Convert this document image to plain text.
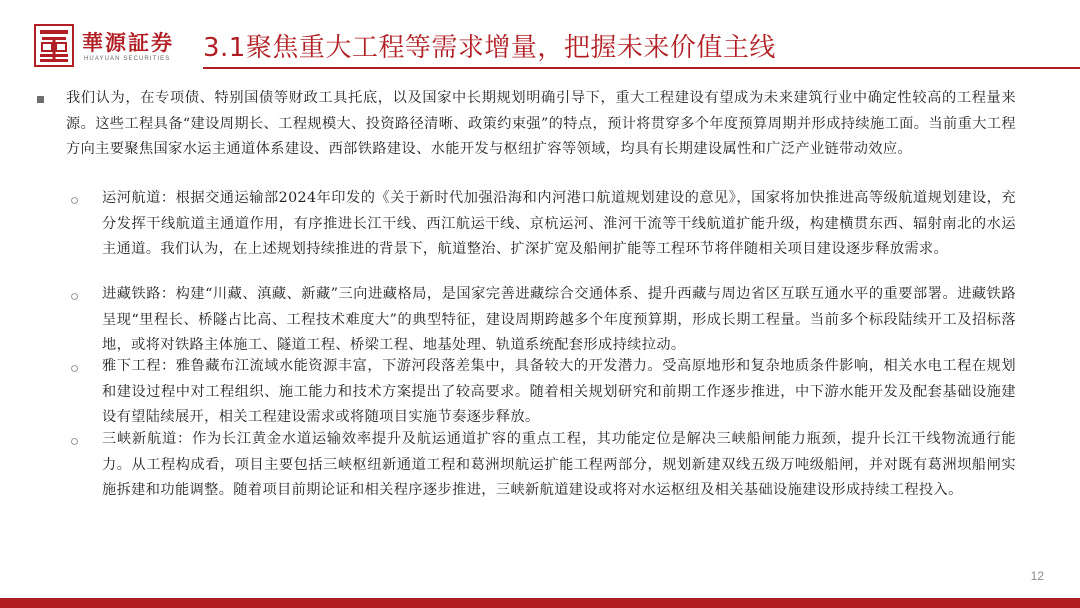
華源証券
HUAYUAN SECURITIES 3.1聚焦重大工程等需求增量，把握未来价值主线
我们认为，在专项债、特别国债等财政工具托底，以及国家中长期规划明确引导下，重大工程建设有望成为未来建筑行业中确定性较高的工程量来源。这些工程具备“建设周期长、工程规模大、投资路径清晰、政策约束强”的特点，预计将贯穿多个年度预算周期并形成持续施工面。当前重大工程方向主要聚焦国家水运主通道体系建设、西部铁路建设、水能开发与枢纽扩容等领域，均具有长期建设属性和广泛产业链带动效应。
运河航道：根据交通运输部2024年印发的《关于新时代加强沿海和内河港口航道规划建设的意见》，国家将加快推进高等级航道规划建设，充分发挥干线航道主通道作用，有序推进长江干线、西江航运干线、京杭运河、淮河干流等干线航道扩能升级，构建横贯东西、辐射南北的水运主通道。我们认为，在上述规划持续推进的背景下，航道整治、扩深扩宽及船闸扩能等工程环节将伴随相关项目建设逐步释放需求。
进藏铁路：构建“川藏、滇藏、新藏”三向进藏格局，是国家完善进藏综合交通体系、提升西藏与周边省区互联互通水平的重要部署。进藏铁路呈现“里程长、桥隧占比高、工程技术难度大”的典型特征，建设周期跨越多个年度预算期，形成长期工程量。当前多个标段陆续开工及招标落地，或将对铁路主体施工、隧道工程、桥梁工程、地基处理、轨道系统配套形成持续拉动。
雅下工程：雅鲁藏布江流域水能资源丰富，下游河段落差集中，具备较大的开发潜力。受高原地形和复杂地质条件影响，相关水电工程在规划和建设过程中对工程组织、施工能力和技术方案提出了较高要求。随着相关规划研究和前期工作逐步推进，中下游水能开发及配套基础设施建设有望陆续展开，相关工程建设需求或将随项目实施节奏逐步释放。
三峡新航道：作为长江黄金水道运输效率提升及航运通道扩容的重点工程，其功能定位是解决三峡船闸能力瓶颈，提升长江干线物流通行能力。从工程构成看，项目主要包括三峡枢纽新通道工程和葛洲坝航运扩能工程两部分，规划新建双线五级万吨级船闸，并对既有葛洲坝船闸实施拆建和功能调整。随着项目前期论证和相关程序逐步推进，三峡新航道建设或将对水运枢纽及相关基础设施建设形成持续工程投入。
12
